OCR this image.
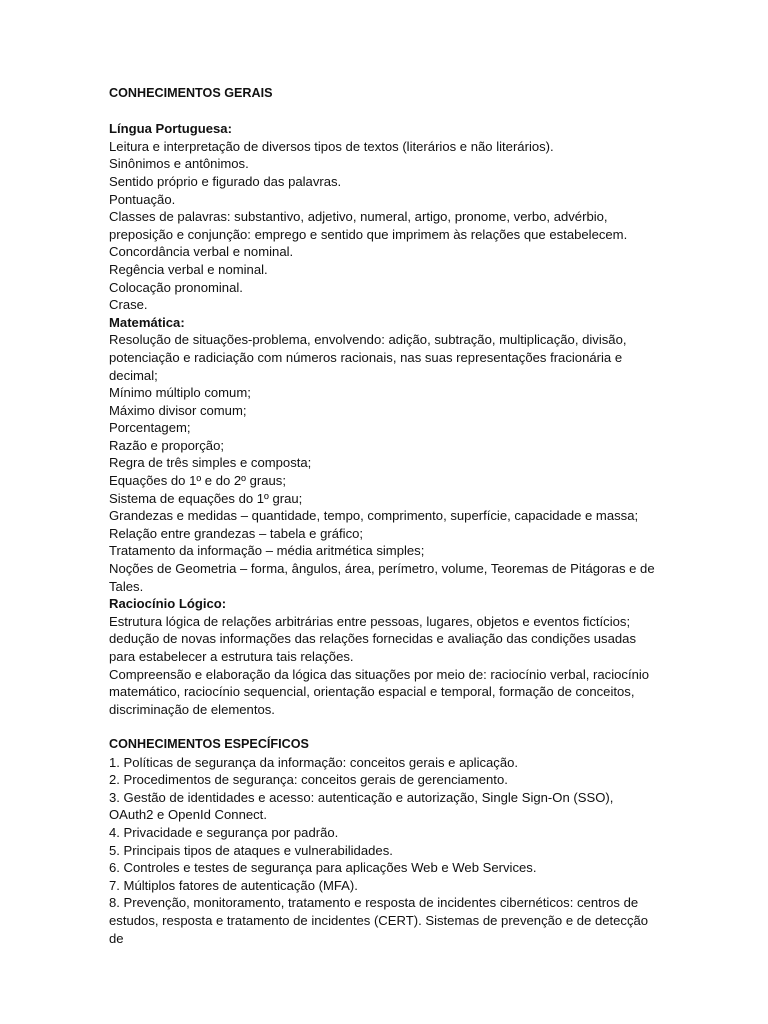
CONHECIMENTOS GERAIS

Língua Portuguesa:

Leitura e interpretação de diversos tipos de textos (literários e não literários).

Sinônimos e antônimos.

Sentido próprio e figurado das palavras.

Pontuação.

Classes de palavras: substantivo, adjetivo, numeral, artigo, pronome, verbo, advérbio, preposição e conjunção: emprego e sentido que imprimem às relações que estabelecem.

Concordância verbal e nominal.

Regência verbal e nominal.

Colocação pronominal.

Crase.

Matemática:

Resolução de situações-problema, envolvendo: adição, subtração, multiplicação, divisão, potenciação e radiciação com números racionais, nas suas representações fracionária e decimal;

Mínimo múltiplo comum;

Máximo divisor comum;

Porcentagem;

Razão e proporção;

Regra de três simples e composta;

Equações do 1º e do 2º graus;

Sistema de equações do 1º grau;

Grandezas e medidas – quantidade, tempo, comprimento, superfície, capacidade e massa;

Relação entre grandezas – tabela e gráfico;

Tratamento da informação – média aritmética simples;

Noções de Geometria – forma, ângulos, área, perímetro, volume, Teoremas de Pitágoras e de Tales.

Raciocínio Lógico:

Estrutura lógica de relações arbitrárias entre pessoas, lugares, objetos e eventos fictícios; dedução de novas informações das relações fornecidas e avaliação das condições usadas para estabelecer a estrutura tais relações.

Compreensão e elaboração da lógica das situações por meio de: raciocínio verbal, raciocínio matemático, raciocínio sequencial, orientação espacial e temporal, formação de conceitos, discriminação de elementos.

CONHECIMENTOS ESPECÍFICOS

1. Políticas de segurança da informação: conceitos gerais e aplicação.

2. Procedimentos de segurança: conceitos gerais de gerenciamento.

3. Gestão de identidades e acesso: autenticação e autorização, Single Sign-On (SSO), OAuth2 e OpenId Connect.

4. Privacidade e segurança por padrão.

5. Principais tipos de ataques e vulnerabilidades.

6. Controles e testes de segurança para aplicações Web e Web Services.

7. Múltiplos fatores de autenticação (MFA).

8. Prevenção, monitoramento, tratamento e resposta de incidentes cibernéticos: centros de estudos, resposta e tratamento de incidentes (CERT). Sistemas de prevenção e de detecção de
